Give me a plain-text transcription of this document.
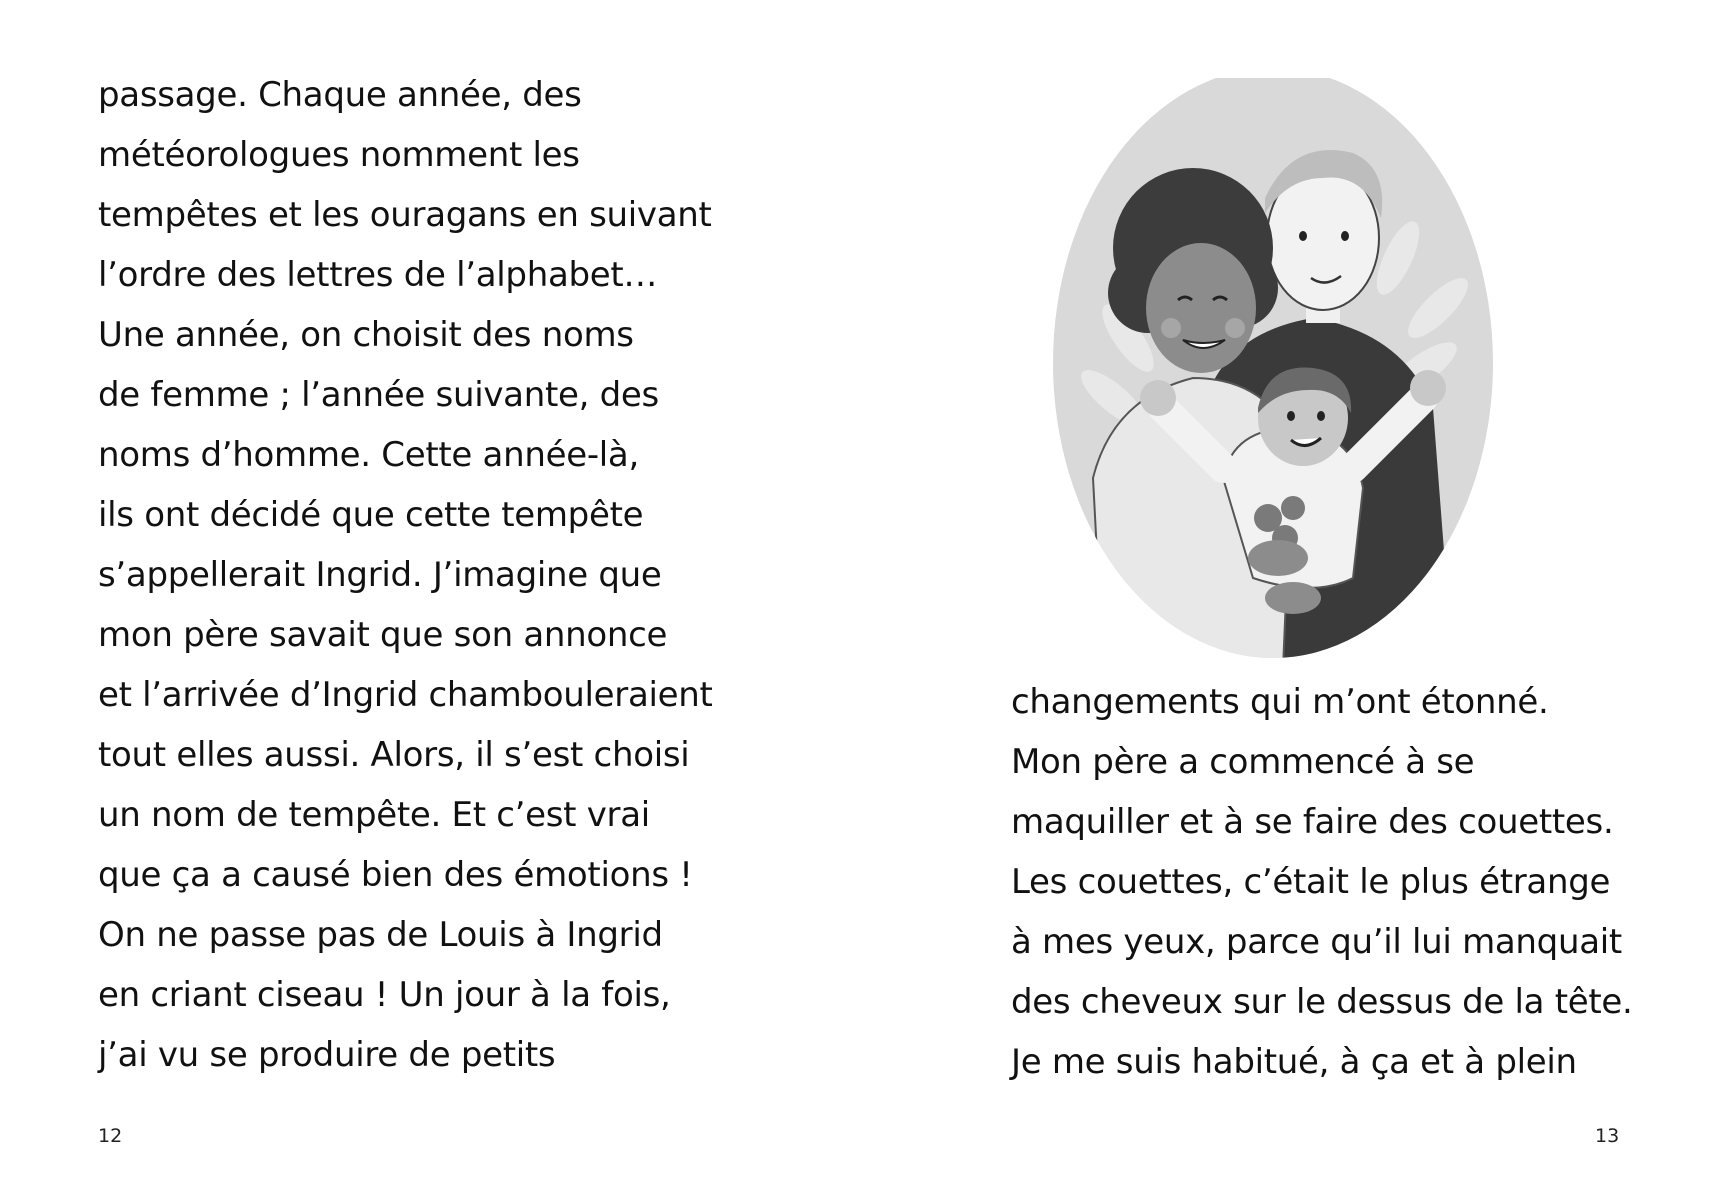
passage. Chaque année, des
météorologues nomment les
tempêtes et les ouragans en suivant
l’ordre des lettres de l’alphabet…
Une année, on choisit des noms
de femme ; l’année suivante, des
noms d’homme. Cette année-là,
ils ont décidé que cette tempête
s’appellerait Ingrid. J’imagine que
mon père savait que son annonce
et l’arrivée d’Ingrid chambouleraient
tout elles aussi. Alors, il s’est choisi
un nom de tempête. Et c’est vrai
que ça a causé bien des émotions !
On ne passe pas de Louis à Ingrid
en criant ciseau ! Un jour à la fois,
j’ai vu se produire de petits
12
changements qui m’ont étonné.
Mon père a commencé à se
maquiller et à se faire des couettes.
Les couettes, c’était le plus étrange
à mes yeux, parce qu’il lui manquait
des cheveux sur le dessus de la tête.
Je me suis habitué, à ça et à plein
13
